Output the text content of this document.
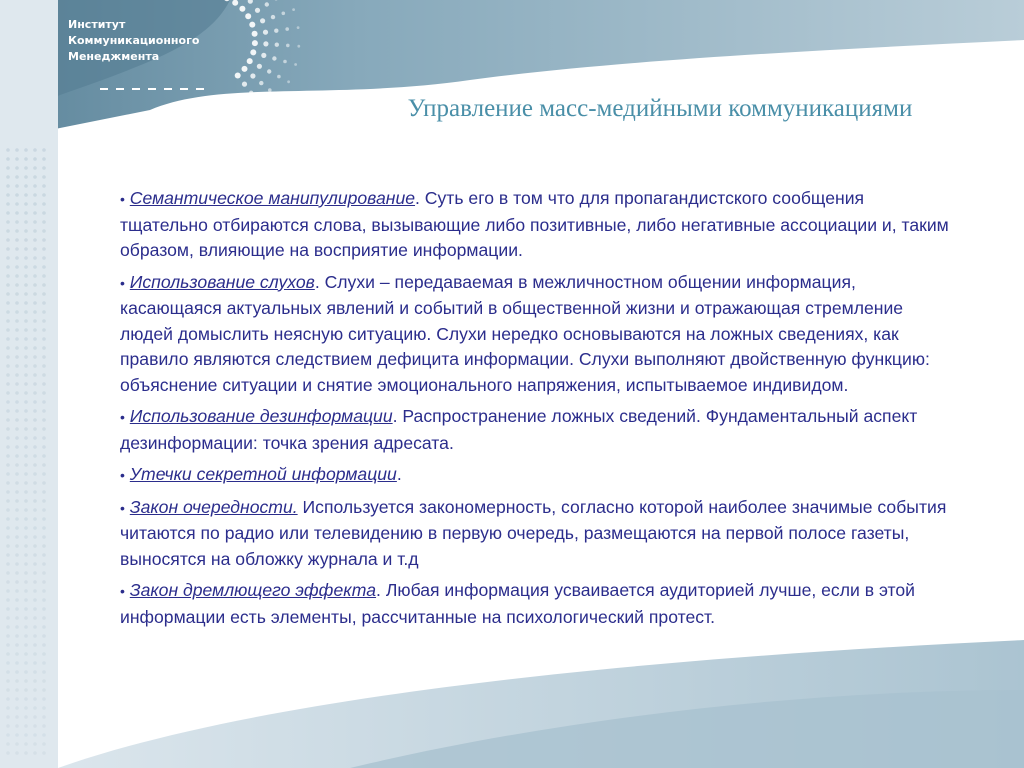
Институт
Коммуникационного
Менеджмента
Управление масс-медийными коммуникациями

• Семантическое манипулирование. Суть его в том что для пропагандистского сообщения тщательно отбираются слова, вызывающие либо позитивные, либо негативные ассоциации и, таким образом, влияющие на восприятие информации.

• Использование слухов. Слухи – передаваемая в межличностном общении информация, касающаяся актуальных явлений и событий в общественной жизни и отражающая стремление людей домыслить неясную ситуацию. Слухи нередко основываются на ложных сведениях, как правило являются следствием дефицита информации. Слухи выполняют двойственную функцию: объяснение ситуации и снятие эмоционального напряжения, испытываемое индивидом.

• Использование дезинформации. Распространение ложных сведений. Фундаментальный аспект дезинформации: точка зрения адресата.

• Утечки секретной информации.

• Закон очередности. Используется закономерность, согласно которой наиболее значимые события читаются по радио или телевидению в первую очередь, размещаются на первой полосе газеты, выносятся на обложку журнала и т.д

• Закон дремлющего эффекта. Любая информация усваивается аудиторией лучше, если в этой информации есть элементы, рассчитанные на психологический протест.
